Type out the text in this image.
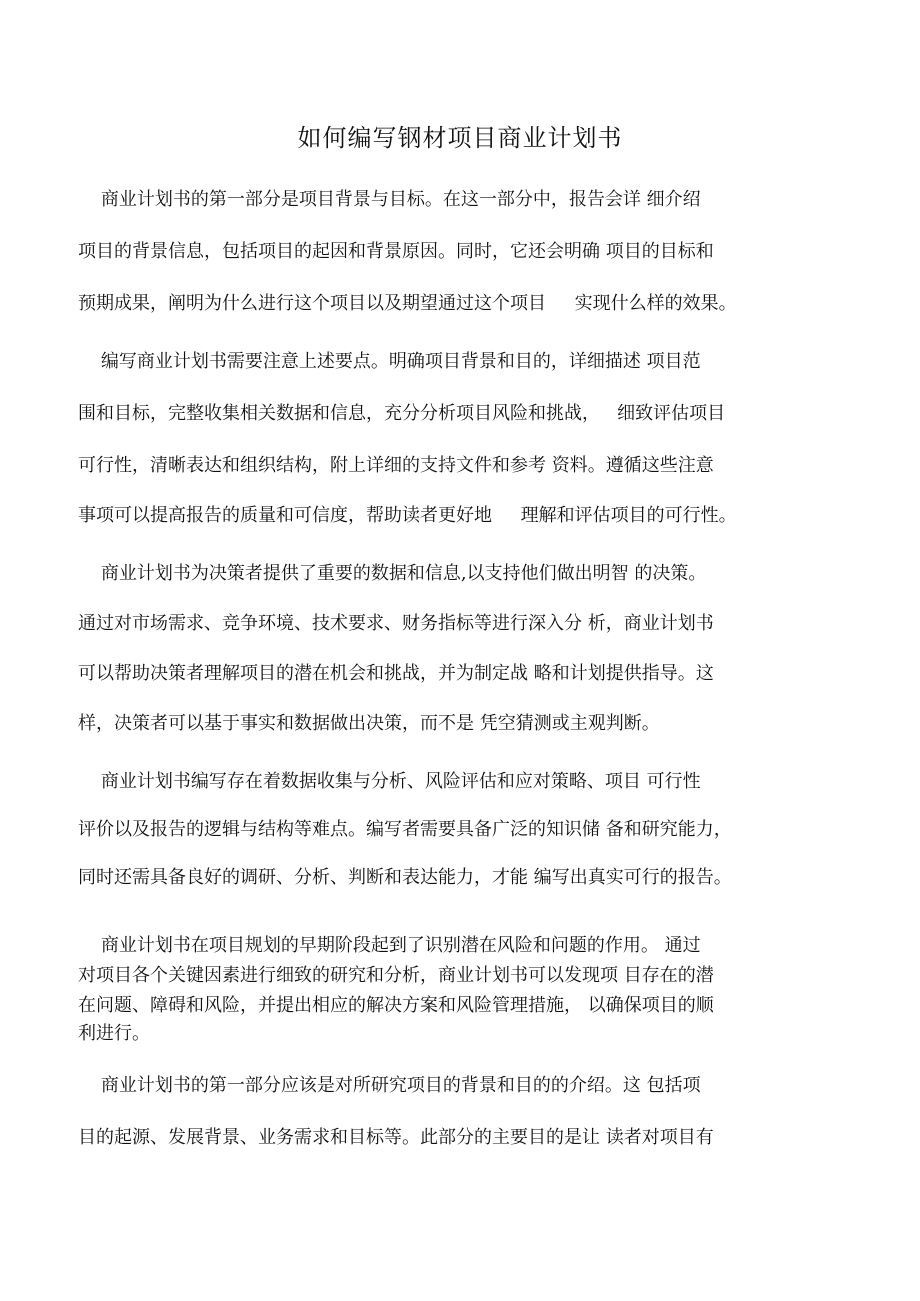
如何编写钢材项目商业计划书
商业计划书的第一部分是项目背景与目标。在这一部分中，报告会详 细介绍
项目的背景信息，包括项目的起因和背景原因。同时，它还会明确 项目的目标和
预期成果，阐明为什么进行这个项目以及期望通过这个项目     实现什么样的效果。
编写商业计划书需要注意上述要点。明确项目背景和目的，详细描述 项目范
围和目标，完整收集相关数据和信息，充分分析项目风险和挑战，   细致评估项目
可行性，清晰表达和组织结构，附上详细的支持文件和参考 资料。遵循这些注意
事项可以提高报告的质量和可信度，帮助读者更好地     理解和评估项目的可行性。
商业计划书为决策者提供了重要的数据和信息,以支持他们做出明智 的决策。
通过对市场需求、竞争环境、技术要求、财务指标等进行深入分 析，商业计划书
可以帮助决策者理解项目的潜在机会和挑战，并为制定战 略和计划提供指导。这
样，决策者可以基于事实和数据做出决策，而不是 凭空猜测或主观判断。
商业计划书编写存在着数据收集与分析、风险评估和应对策略、项目 可行性
评价以及报告的逻辑与结构等难点。编写者需要具备广泛的知识储 备和研究能力，
同时还需具备良好的调研、分析、判断和表达能力，才能 编写出真实可行的报告。
商业计划书在项目规划的早期阶段起到了识别潜在风险和问题的作用。 通过
对项目各个关键因素进行细致的研究和分析，商业计划书可以发现项 目存在的潜
在问题、障碍和风险，并提出相应的解决方案和风险管理措施， 以确保项目的顺
利进行。
商业计划书的第一部分应该是对所研究项目的背景和目的的介绍。这 包括项
目的起源、发展背景、业务需求和目标等。此部分的主要目的是让 读者对项目有
